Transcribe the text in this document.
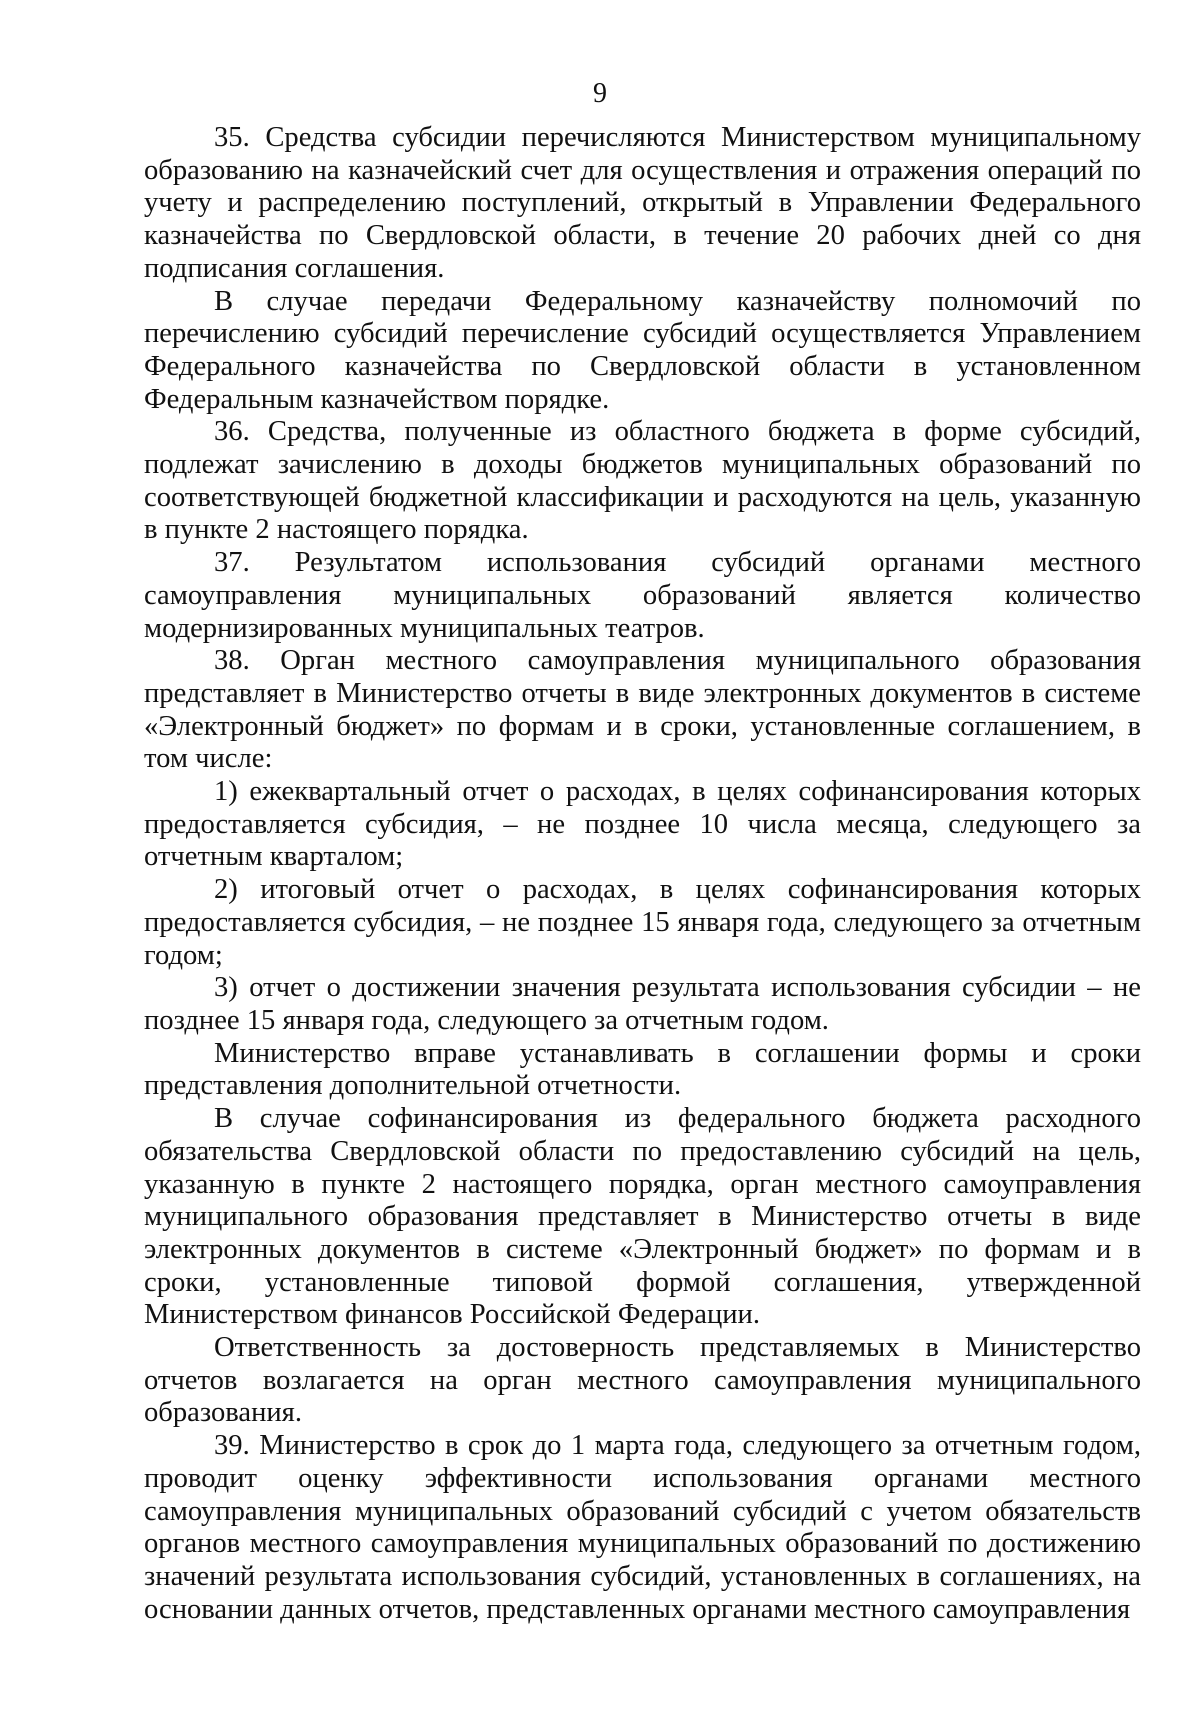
9

35. Средства субсидии перечисляются Министерством муниципальному образованию на казначейский счет для осуществления и отражения операций по учету и распределению поступлений, открытый в Управлении Федерального казначейства по Свердловской области, в течение 20 рабочих дней со дня подписания соглашения.

В случае передачи Федеральному казначейству полномочий по перечислению субсидий перечисление субсидий осуществляется Управлением Федерального казначейства по Свердловской области в установленном Федеральным казначейством порядке.

36. Средства, полученные из областного бюджета в форме субсидий, подлежат зачислению в доходы бюджетов муниципальных образований по соответствующей бюджетной классификации и расходуются на цель, указанную в пункте 2 настоящего порядка.

37. Результатом использования субсидий органами местного самоуправления муниципальных образований является количество модернизированных муниципальных театров.

38. Орган местного самоуправления муниципального образования представляет в Министерство отчеты в виде электронных документов в системе «Электронный бюджет» по формам и в сроки, установленные соглашением, в том числе:

1) ежеквартальный отчет о расходах, в целях софинансирования которых предоставляется субсидия, – не позднее 10 числа месяца, следующего за отчетным кварталом;

2) итоговый отчет о расходах, в целях софинансирования которых предоставляется субсидия, – не позднее 15 января года, следующего за отчетным годом;

3) отчет о достижении значения результата использования субсидии – не позднее 15 января года, следующего за отчетным годом.

Министерство вправе устанавливать в соглашении формы и сроки представления дополнительной отчетности.

В случае софинансирования из федерального бюджета расходного обязательства Свердловской области по предоставлению субсидий на цель, указанную в пункте 2 настоящего порядка, орган местного самоуправления муниципального образования представляет в Министерство отчеты в виде электронных документов в системе «Электронный бюджет» по формам и в сроки, установленные типовой формой соглашения, утвержденной Министерством финансов Российской Федерации.

Ответственность за достоверность представляемых в Министерство отчетов возлагается на орган местного самоуправления муниципального образования.

39. Министерство в срок до 1 марта года, следующего за отчетным годом, проводит оценку эффективности использования органами местного самоуправления муниципальных образований субсидий с учетом обязательств органов местного самоуправления муниципальных образований по достижению значений результата использования субсидий, установленных в соглашениях, на основании данных отчетов, представленных органами местного самоуправления
